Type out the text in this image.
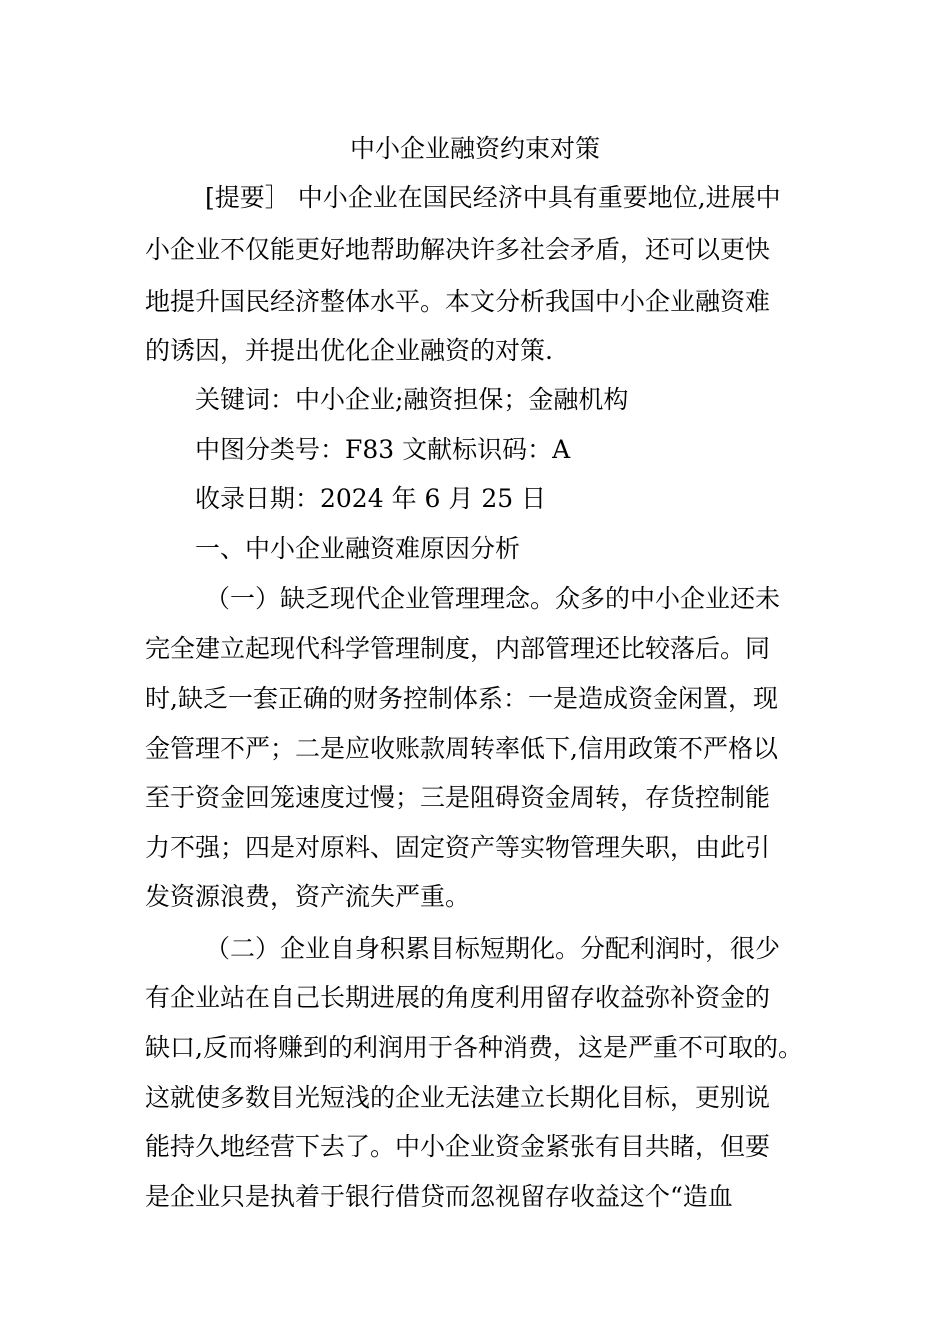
中小企业融资约束对策
[提要］ 中小企业在国民经济中具有重要地位,进展中
小企业不仅能更好地帮助解决许多社会矛盾，还可以更快
地提升国民经济整体水平。本文分析我国中小企业融资难
的诱因，并提出优化企业融资的对策.
关键词：中小企业;融资担保；金融机构
中图分类号：F83 文献标识码：A
收录日期：2024 年 6 月 25 日
一、中小企业融资难原因分析
（一）缺乏现代企业管理理念。众多的中小企业还未
完全建立起现代科学管理制度，内部管理还比较落后。同
时,缺乏一套正确的财务控制体系：一是造成资金闲置，现
金管理不严；二是应收账款周转率低下,信用政策不严格以
至于资金回笼速度过慢；三是阻碍资金周转，存货控制能
力不强；四是对原料、固定资产等实物管理失职，由此引
发资源浪费，资产流失严重。
（二）企业自身积累目标短期化。分配利润时，很少
有企业站在自己长期进展的角度利用留存收益弥补资金的
缺口,反而将赚到的利润用于各种消费，这是严重不可取的。
这就使多数目光短浅的企业无法建立长期化目标，更别说
能持久地经营下去了。中小企业资金紧张有目共睹，但要
是企业只是执着于银行借贷而忽视留存收益这个“造血
